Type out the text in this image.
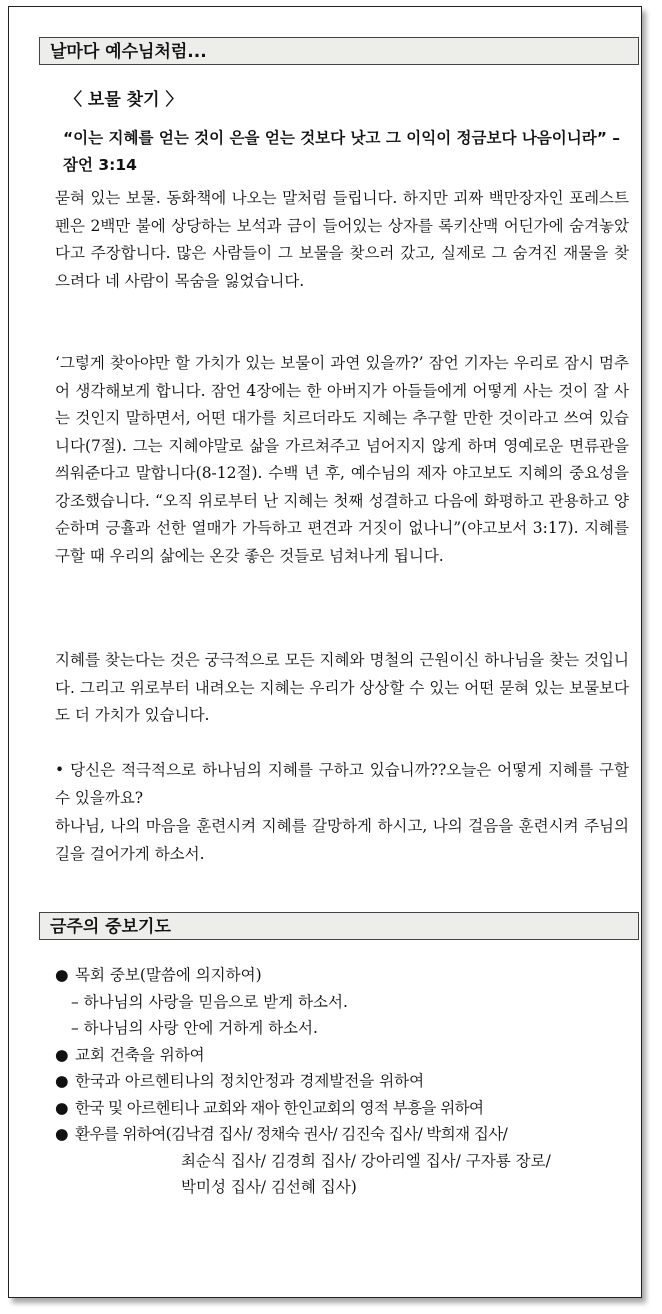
날마다 예수님처럼...
〈 보물 찾기 〉

“이는 지혜를 얻는 것이 은을 얻는 것보다 낫고 그 이익이 정금보다 나음이니라” – 잠언 3:14

묻혀 있는 보물. 동화책에 나오는 말처럼 들립니다. 하지만 괴짜 백만장자인 포레스트 펜은 2백만 불에 상당하는 보석과 금이 들어있는 상자를 록키산맥 어딘가에 숨겨놓았다고 주장합니다. 많은 사람들이 그 보물을 찾으러 갔고, 실제로 그 숨겨진 재물을 찾으려다 네 사람이 목숨을 잃었습니다.

‘그렇게 찾아야만 할 가치가 있는 보물이 과연 있을까?’ 잠언 기자는 우리로 잠시 멈추어 생각해보게 합니다. 잠언 4장에는 한 아버지가 아들들에게 어떻게 사는 것이 잘 사는 것인지 말하면서, 어떤 대가를 치르더라도 지혜는 추구할 만한 것이라고 쓰여 있습니다(7절). 그는 지혜야말로 삶을 가르쳐주고 넘어지지 않게 하며 영예로운 면류관을 씌워준다고 말합니다(8-12절). 수백 년 후, 예수님의 제자 야고보도 지혜의 중요성을 강조했습니다. “오직 위로부터 난 지혜는 첫째 성결하고 다음에 화평하고 관용하고 양순하며 긍휼과 선한 열매가 가득하고 편견과 거짓이 없나니”(야고보서 3:17). 지혜를 구할 때 우리의 삶에는 온갖 좋은 것들로 넘쳐나게 됩니다.

지혜를 찾는다는 것은 궁극적으로 모든 지혜와 명철의 근원이신 하나님을 찾는 것입니다. 그리고 위로부터 내려오는 지혜는 우리가 상상할 수 있는 어떤 묻혀 있는 보물보다도 더 가치가 있습니다.

• 당신은 적극적으로 하나님의 지혜를 구하고 있습니까??오늘은 어떻게 지혜를 구할 수 있을까요?

하나님, 나의 마음을 훈련시켜 지혜를 갈망하게 하시고, 나의 걸음을 훈련시켜 주님의 길을 걸어가게 하소서.

금주의 중보기도
● 목회 중보(말씀에 의지하여)
– 하나님의 사랑을 믿음으로 받게 하소서.
– 하나님의 사랑 안에 거하게 하소서.
● 교회 건축을 위하여
● 한국과 아르헨티나의 정치안정과 경제발전을 위하여
● 한국 및 아르헨티나 교회와 재아 한인교회의 영적 부흥을 위하여
● 환우를 위하여(김낙겸 집사/ 정채숙 권사/ 김진숙 집사/ 박희재 집사/
최순식 집사/ 김경희 집사/ 강아리엘 집사/ 구자룡 장로/
박미성 집사/ 김선혜 집사)
